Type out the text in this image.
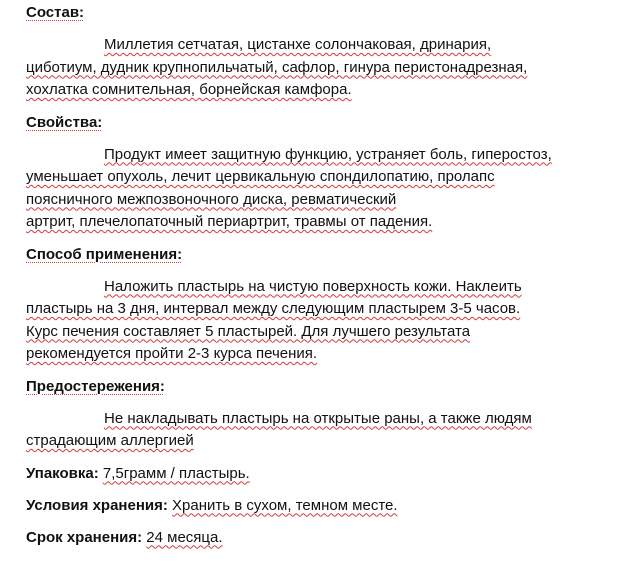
Состав:

Миллетия сетчатая, цистанхе солончаковая, дринария,
циботиум, дудник крупнопильчатый, сафлор, гинура перистонадрезная,
хохлатка сомнительная, борнейская камфора.

Свойства:

Продукт имеет защитную функцию, устраняет боль, гиперостоз,
уменьшает опухоль, лечит цервикальную спондилопатию, пролапс
поясничного межпозвоночного диска, ревматический
артрит, плечелопаточный периартрит, травмы от падения.

Способ применения:

Наложить пластырь на чистую поверхность кожи. Наклеить
пластырь на 3 дня, интервал между следующим пластырем 3-5 часов.
Курс печения составляет 5 пластырей. Для лучшего результата
рекомендуется пройти 2-3 курса печения.

Предостережения:

Не накладывать пластырь на открытые раны, а также людям
страдающим аллергией

Упаковка: 7,5грамм / пластырь.

Условия хранения: Хранить в сухом, темном месте.

Срок хранения: 24 месяца.
